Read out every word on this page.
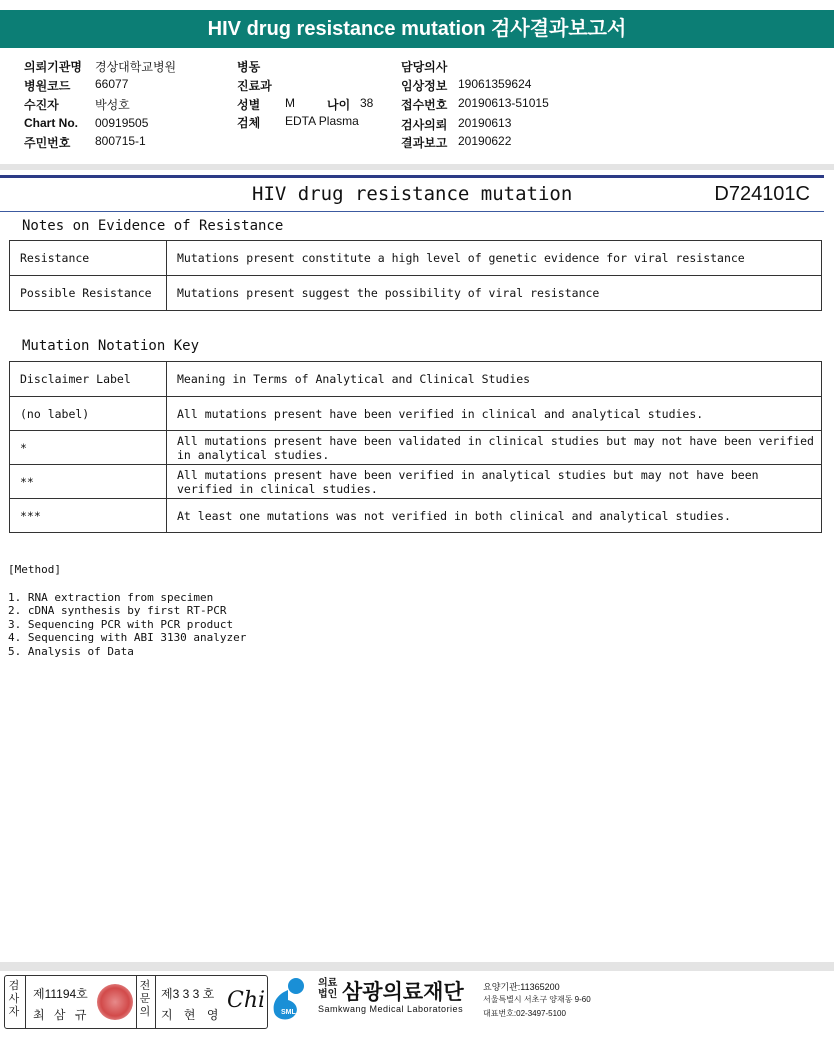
HIV drug resistance mutation 검사결과보고서
의뢰기관명 경상대학교병원
병원코드 66077
수진자	박성호
Chart No. 00919505
주민번호 800715-1
병동
진료과
성별 M	나이 38
검체 EDTA Plasma
담당의사
임상정보 19061359624
접수번호 20190613-51015
검사의뢰 20190613
결과보고 20190622
HIV drug resistance mutation	D724101C
Notes on Evidence of Resistance
Resistance	Mutations present constitute a high level of genetic evidence for viral resistance
Possible Resistance	Mutations present suggest the possibility of viral resistance
Mutation Notation Key
Disclaimer Label	Meaning in Terms of Analytical and Clinical Studies
(no label)	All mutations present have been verified in clinical and analytical studies.
*	All mutations present have been validated in clinical studies but may not have been verified in analytical studies.
**	All mutations present have been verified in analytical studies but may not have been verified in clinical studies.
***	At least one mutations was not verified in both clinical and analytical studies.
[Method]
1. RNA extraction from specimen
2. cDNA synthesis by first RT-PCR
3. Sequencing PCR with PCR product
4. Sequencing with ABI 3130 analyzer
5. Analysis of Data
검사자
제11194호
최 삼 규
전문의
제3 3 3 호
지 현 영
Chi SML
의료법인 삼광의료재단
Samkwang Medical Laboratories
요양기관:11365200
서울특별시 서초구 양재동 9-60
대표번호:02-3497-5100
